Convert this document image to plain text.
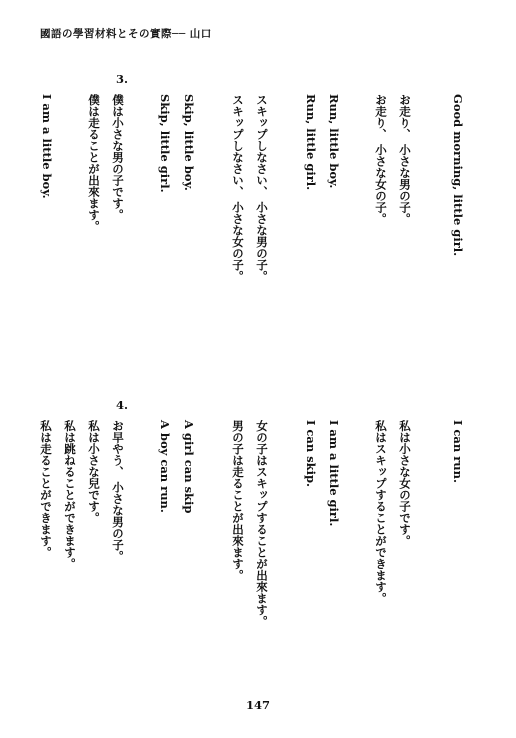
國語の學習材料とその實際── 山口
3.
Good morning, little girl.
お走り、 小さな男の子。
お走り、 小さな女の子。
Run, little boy.
Run, little girl.
スキップしなさい、 小さな男の子。
スキップしなさい、 小さな女の子。
Skip, little boy.
Skip, little girl.
僕は小さな男の子です。
僕は走ることが出來ます。
I am a little boy.
4.
I can run.
私は小さな女の子です。
私はスキップすることができます。
I am a little girl.
I can skip.
女の子はスキップすることが出來ます。
男の子は走ることが出來ます。
A girl can skip
A boy can run.
お早やう、 小さな男の子。
私は小さな兒です。
私は跳ねることができます。
私は走ることができます。
147
